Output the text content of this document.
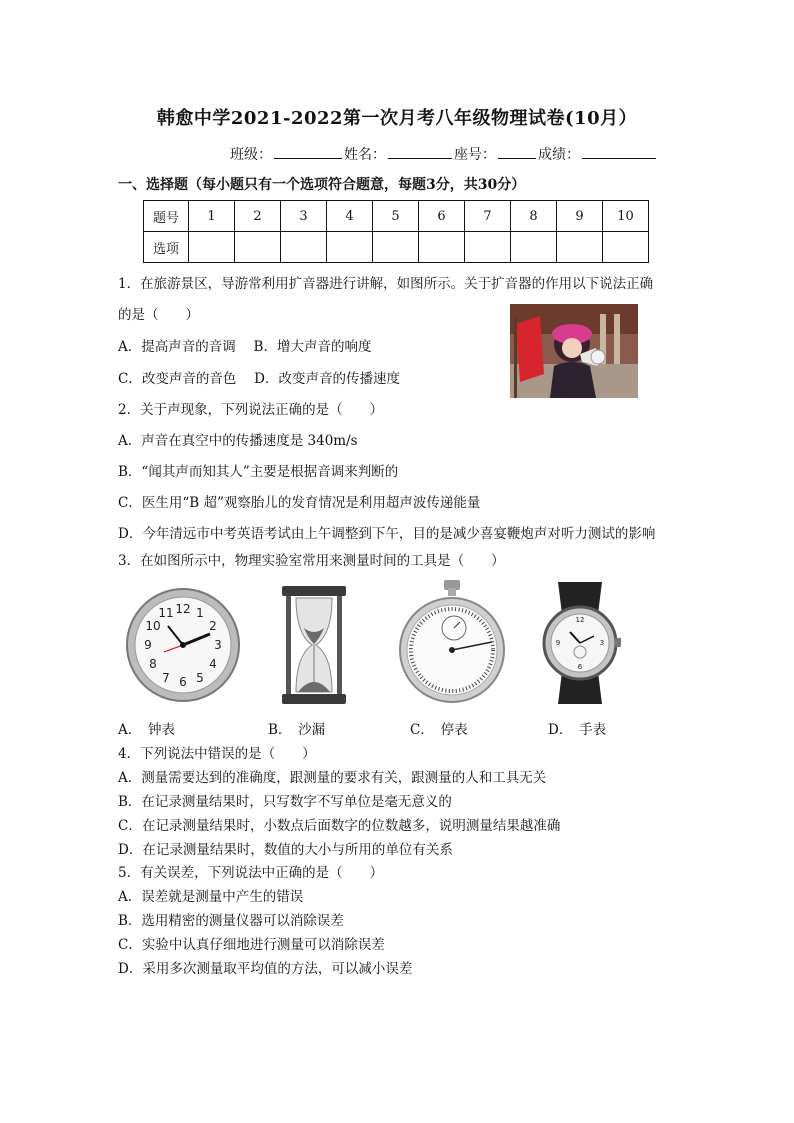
韩愈中学2021-2022第一次月考八年级物理试卷(10月）
班级：	姓名：	座号：	成绩：
一、选择题（每小题只有一个选项符合题意，每题3分，共30分）
题号	1	2	3	4	5	6	7	8	9	10
选项										
1．在旅游景区，导游常利用扩音器进行讲解，如图所示。关于扩音器的作用以下说法正确
的是（　　）
A．提高声音的音调　 B．增大声音的响度
C．改变声音的音色　 D．改变声音的传播速度
2．关于声现象，下列说法正确的是（　　）
A．声音在真空中的传播速度是 340m/s
B．“闻其声而知其人”主要是根据音调来判断的
C．医生用“B 超”观察胎儿的发育情况是利用超声波传递能量
D．今年清远市中考英语考试由上午调整到下午，目的是减少喜宴鞭炮声对听力测试的影响
3．在如图所示中，物理实验室常用来测量时间的工具是（　　）
12 1
2
3
4
5
6
7
8
9
10
11	12
3
6
9
A．　钟表	B．　沙漏	C．　停表	D．　手表
4．下列说法中错误的是（　　）
A．测量需要达到的准确度，跟测量的要求有关，跟测量的人和工具无关
B．在记录测量结果时，只写数字不写单位是毫无意义的
C．在记录测量结果时，小数点后面数字的位数越多，说明测量结果越准确
D．在记录测量结果时，数值的大小与所用的单位有关系
5．有关误差，下列说法中正确的是（　　）
A．误差就是测量中产生的错误
B．选用精密的测量仪器可以消除误差
C．实验中认真仔细地进行测量可以消除误差
D．采用多次测量取平均值的方法，可以减小误差
